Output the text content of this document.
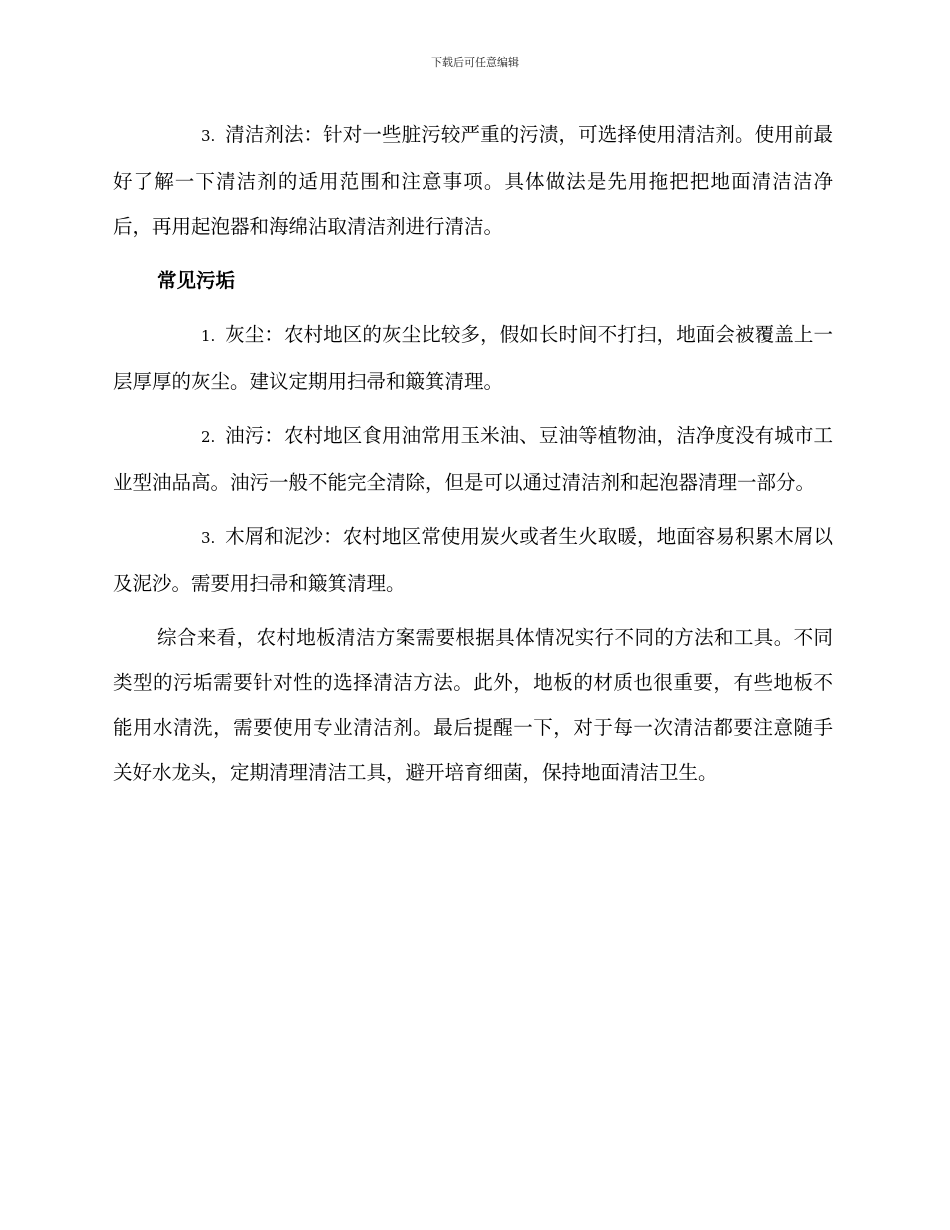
下载后可任意编辑

3. 清洁剂法：针对一些脏污较严重的污渍，可选择使用清洁剂。使用前最好了解一下清洁剂的适用范围和注意事项。具体做法是先用拖把把地面清洁洁净后，再用起泡器和海绵沾取清洁剂进行清洁。

常见污垢

1. 灰尘：农村地区的灰尘比较多，假如长时间不打扫，地面会被覆盖上一层厚厚的灰尘。建议定期用扫帚和簸箕清理。

2. 油污：农村地区食用油常用玉米油、豆油等植物油，洁净度没有城市工业型油品高。油污一般不能完全清除，但是可以通过清洁剂和起泡器清理一部分。

3. 木屑和泥沙：农村地区常使用炭火或者生火取暖，地面容易积累木屑以及泥沙。需要用扫帚和簸箕清理。

综合来看，农村地板清洁方案需要根据具体情况实行不同的方法和工具。不同类型的污垢需要针对性的选择清洁方法。此外，地板的材质也很重要，有些地板不能用水清洗，需要使用专业清洁剂。最后提醒一下，对于每一次清洁都要注意随手关好水龙头，定期清理清洁工具，避开培育细菌，保持地面清洁卫生。
